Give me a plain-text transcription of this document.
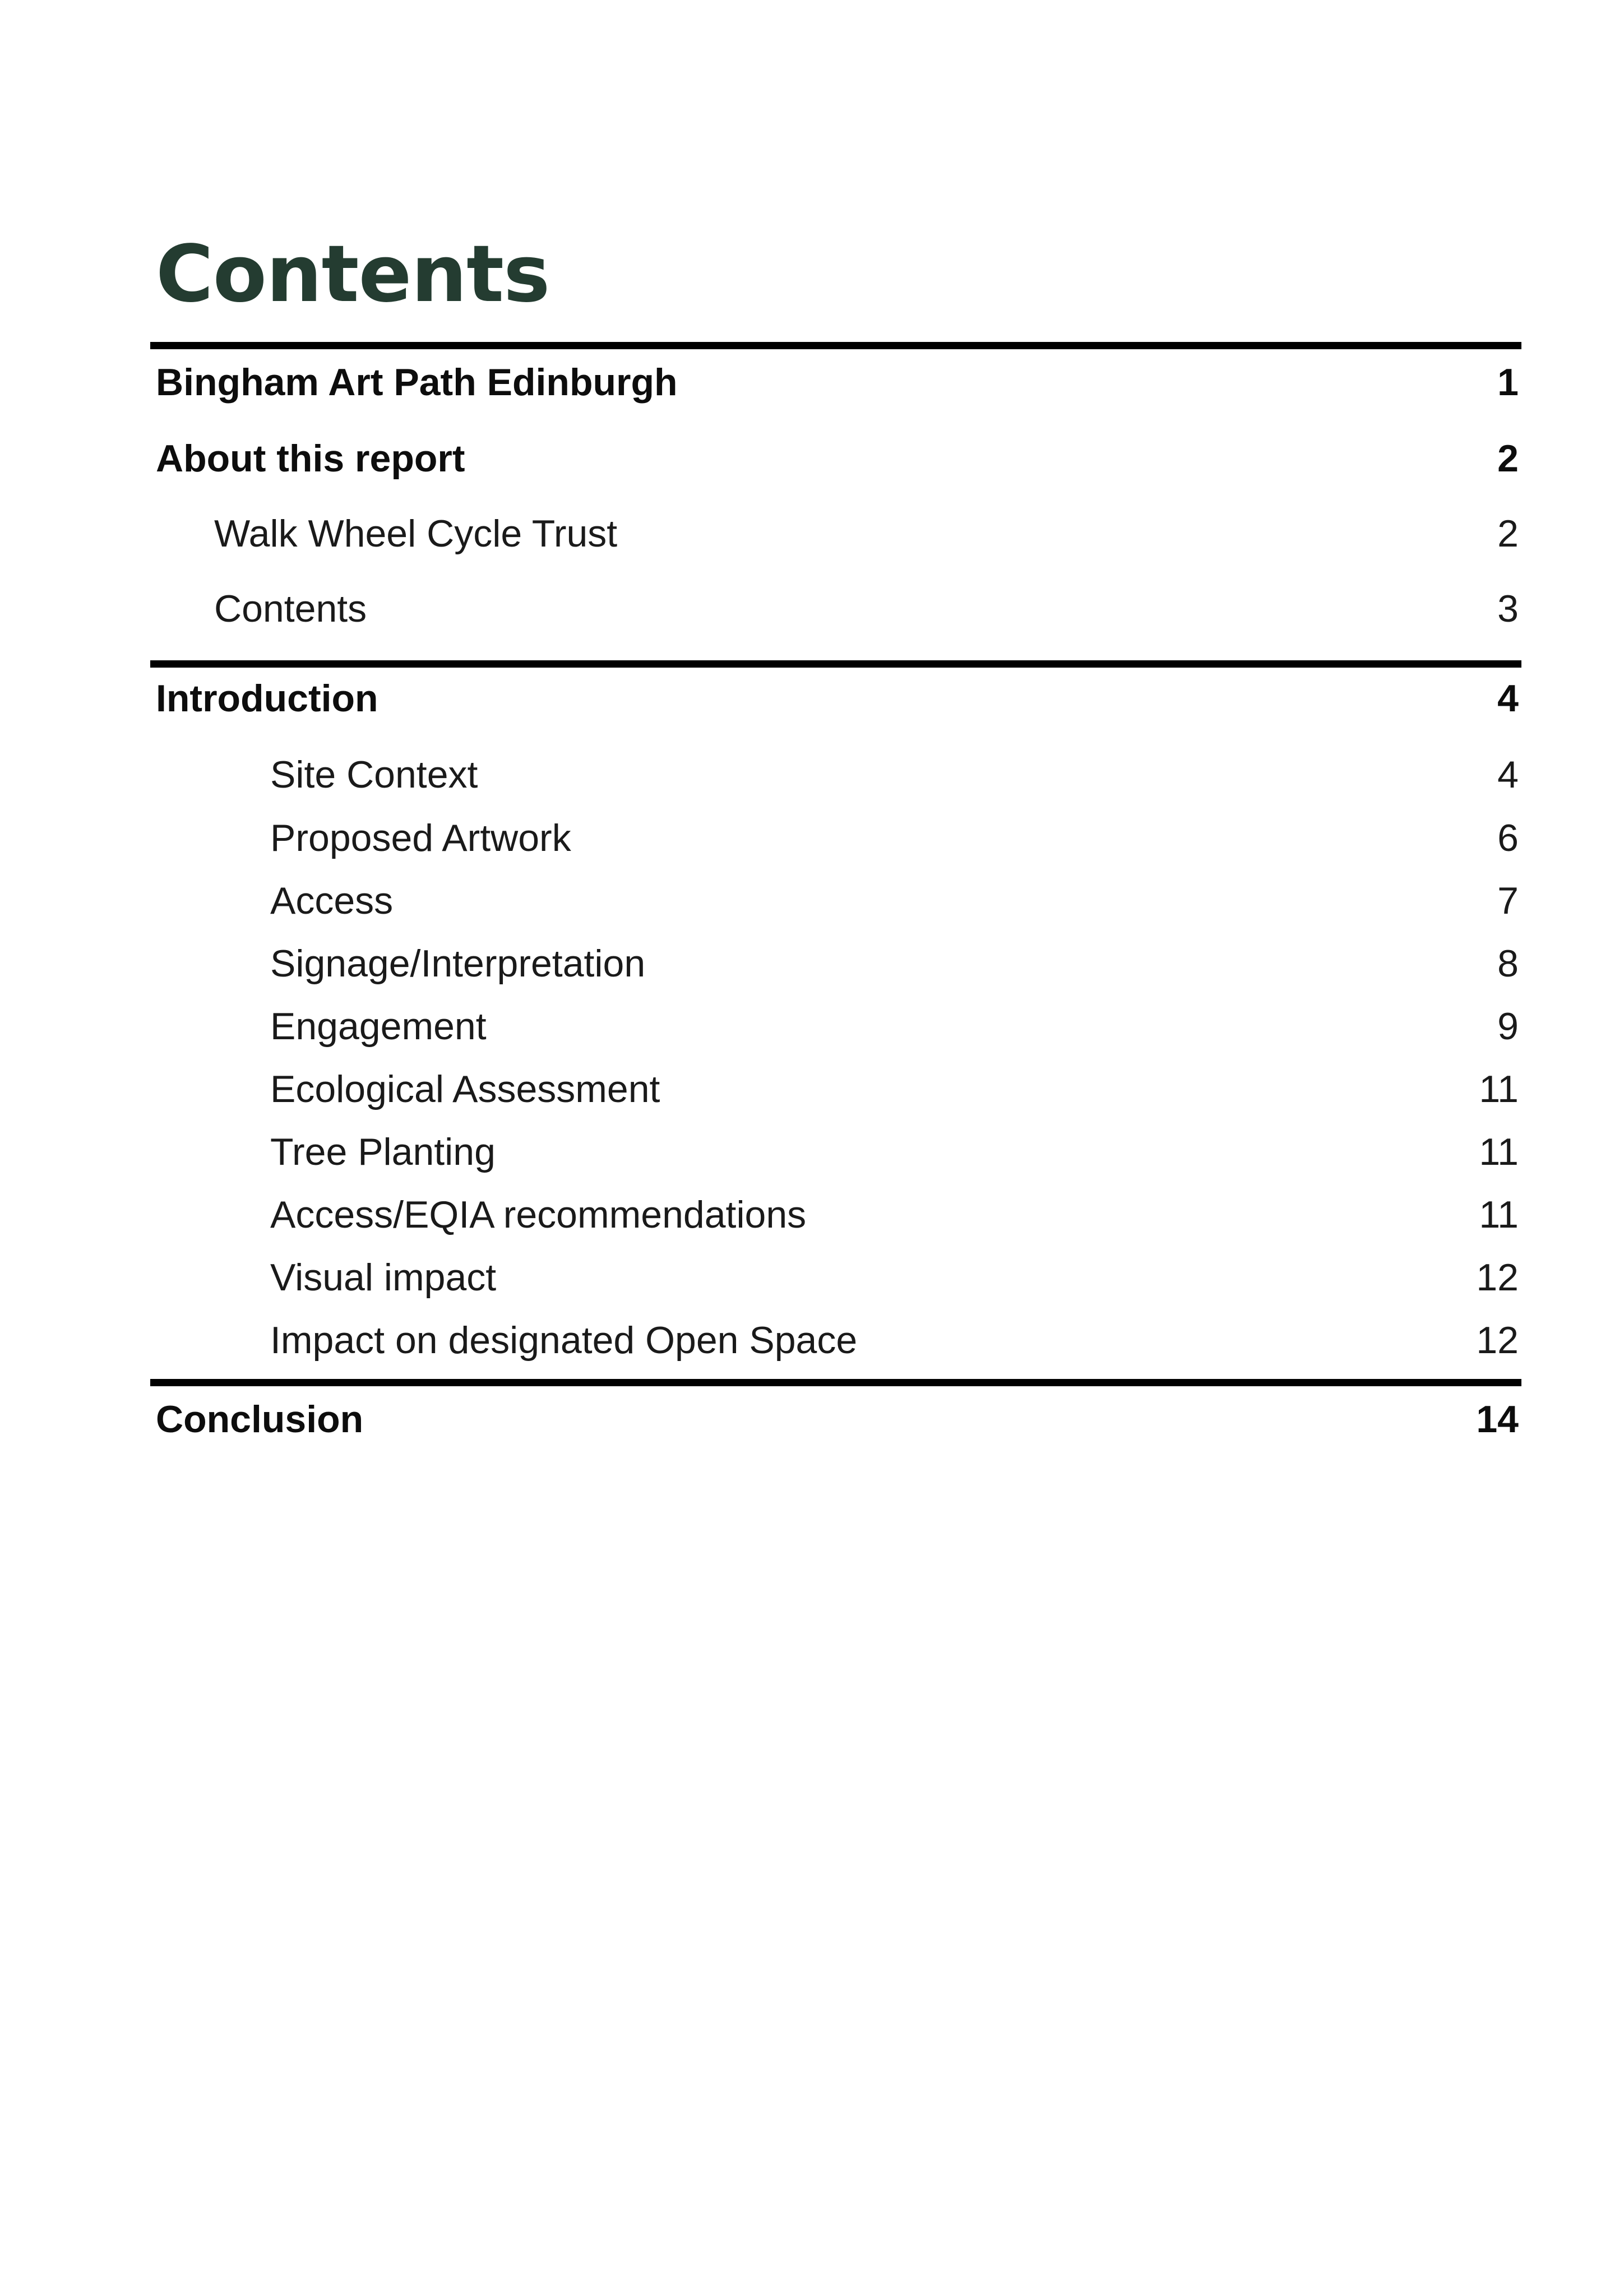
Contents
Bingham Art Path Edinburgh	1
About this report	2
Walk Wheel Cycle Trust	2
Contents	3
Introduction	4
Site Context	4
Proposed Artwork	6
Access	7
Signage/Interpretation	8
Engagement	9
Ecological Assessment	11
Tree Planting	11
Access/EQIA recommendations	11
Visual impact	12
Impact on designated Open Space	12
Conclusion	14
